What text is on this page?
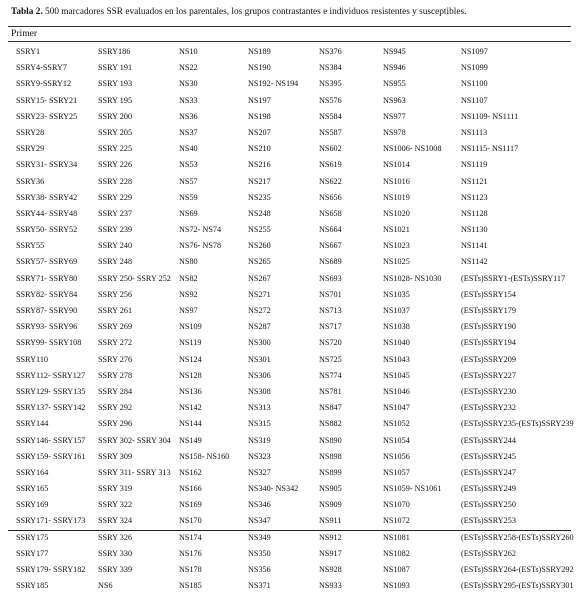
Tabla 2. 500 marcadores SSR evaluados en los parentales, los grupos contrastantes e individuos resistentes y susceptibles.
Primer
SSRY1	SSRY186	NS10	NS189	NS376	NS945	NS1097
SSRY4-SSRY7	SSRY 191	NS22	NS190	NS384	NS946	NS1099
SSRY9-SSRY12	SSRY 193	NS30	NS192- NS194	NS395	NS955	NS1100
SSRY15- SSRY21	SSRY 195	NS33	NS197	NS576	NS963	NS1107
SSRY23- SSRY25	SSRY 200	NS36	NS198	NS584	NS977	NS1109- NS1111
SSRY28	SSRY 205	NS37	NS207	NS587	NS978	NS1113
SSRY29	SSRY 225	NS40	NS210	NS602	NS1006- NS1008 NS1115- NS1117
SSRY31- SSRY34	SSRY 226	NS53	NS216	NS619	NS1014	NS1119
SSRY36	SSRY 228	NS57	NS217	NS622	NS1016	NS1121
SSRY38- SSRY42	SSRY 229	NS59	NS235	NS656	NS1019	NS1123
SSRY44- SSRY48	SSRY 237	NS69	NS248	NS658	NS1020	NS1128
SSRY50- SSRY52	SSRY 239	NS72- NS74	NS255	NS664	NS1021	NS1130
SSRY55	SSRY 240	NS76- NS78	NS260	NS667	NS1023	NS1141
SSRY57- SSRY69	SSRY 248	NS80	NS265	NS689	NS1025	NS1142
SSRY71- SSRY80	SSRY 250- SSRY 252 NS82	NS267	NS693	NS1028- NS1030 (ESTs)SSRY1-(ESTs)SSRY117
SSRY82- SSRY84	SSRY 256	NS92	NS271	NS701	NS1035	(ESTs)SSRY154
SSRY87- SSRY90	SSRY 261	NS97	NS272	NS713	NS1037	(ESTs)SSRY179
SSRY93- SSRY96	SSRY 269	NS109	NS287	NS717	NS1038	(ESTs)SSRY190
SSRY99- SSRY108 SSRY 272	NS119	NS300	NS720	NS1040	(ESTs)SSRY194
SSRY110	SSRY 276	NS124	NS301	NS725	NS1043	(ESTs)SSRY209
SSRY112- SSRY127 SSRY 278	NS128	NS306	NS774	NS1045	(ESTs)SSRY227
SSRY129- SSRY135 SSRY 284	NS136	NS308	NS781	NS1046	(ESTs)SSRY230
SSRY137- SSRY142 SSRY 292	NS142	NS313	NS847	NS1047	(ESTs)SSRY232
SSRY144	SSRY 296	NS144	NS315	NS882	NS1052	(ESTs)SSRY235-(ESTs)SSRY239
SSRY146- SSRY157 SSRY 302- SSRY 304 NS149	NS319	NS890	NS1054	(ESTs)SSRY244
SSRY159- SSRY161 SSRY 309	NS158- NS160 NS323	NS898	NS1056	(ESTs)SSRY245
SSRY164	SSRY 311- SSRY 313 NS162	NS327	NS899	NS1057	(ESTs)SSRY247
SSRY165	SSRY 319	NS166	NS340- NS342	NS905	NS1059- NS1061 (ESTs)SSRY249
SSRY169	SSRY 322	NS169	NS346	NS909	NS1070	(ESTs)SSRY250
SSRY171- SSRY173 SSRY 324	NS170	NS347	NS911	NS1072	(ESTs)SSRY253
SSRY175	SSRY 326	NS174	NS349	NS912	NS1081	(ESTs)SSRY258-(ESTs)SSRY260
SSRY177	SSRY 330	NS176	NS350	NS917	NS1082	(ESTs)SSRY262
SSRY179- SSRY182 SSRY 339	NS178	NS356	NS928	NS1087	(ESTs)SSRY264-(ESTs)SSRY292
SSRY185	NS6	NS185	NS371	NS933	NS1093	(ESTs)SSRY295-(ESTs)SSRY301
